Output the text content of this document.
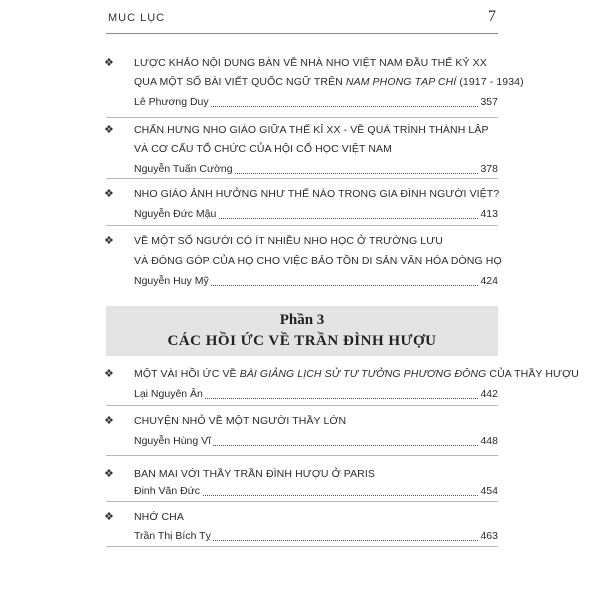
MỤC LỤC	7
❖ LƯỢC KHẢO NỘI DUNG BÀN VỀ NHÀ NHO VIỆT NAM ĐẦU THẾ KỶ XX
QUA MỘT SỐ BÀI VIẾT QUỐC NGỮ TRÊN NAM PHONG TẠP CHÍ (1917 - 1934)
Lê Phương Duy	357
❖ CHẤN HƯNG NHO GIÁO GIỮA THẾ KỈ XX - VỀ QUÁ TRÌNH THÀNH LẬP
VÀ CƠ CẤU TỔ CHỨC CỦA HỘI CỔ HỌC VIỆT NAM
Nguyễn Tuấn Cường	378
❖ NHO GIÁO ẢNH HƯỞNG NHƯ THẾ NÀO TRONG GIA ĐÌNH NGƯỜI VIỆT?
Nguyễn Đức Mậu	413
❖ VỀ MỘT SỐ NGƯỜI CÓ ÍT NHIỀU NHO HỌC Ở TRƯỜNG LƯU
VÀ ĐÓNG GÓP CỦA HỌ CHO VIỆC BẢO TỒN DI SẢN VĂN HÓA DÒNG HỌ
Nguyễn Huy Mỹ	424
Phần 3
CÁC HỒI ỨC VỀ TRẦN ĐÌNH HƯỢU
❖ MỘT VÀI HỒI ỨC VỀ BÀI GIẢNG LỊCH SỬ TƯ TƯỞNG PHƯƠNG ĐÔNG CỦA THẦY HƯỢU
Lại Nguyên Ân	442
❖ CHUYỆN NHỎ VỀ MỘT NGƯỜI THẦY LỚN
Nguyễn Hùng Vĩ	448
❖ BAN MAI VỚI THẦY TRẦN ĐÌNH HƯỢU Ở PARIS
Đinh Văn Đức	454
❖ NHỚ CHA
Trần Thị Bích Tỵ	463
